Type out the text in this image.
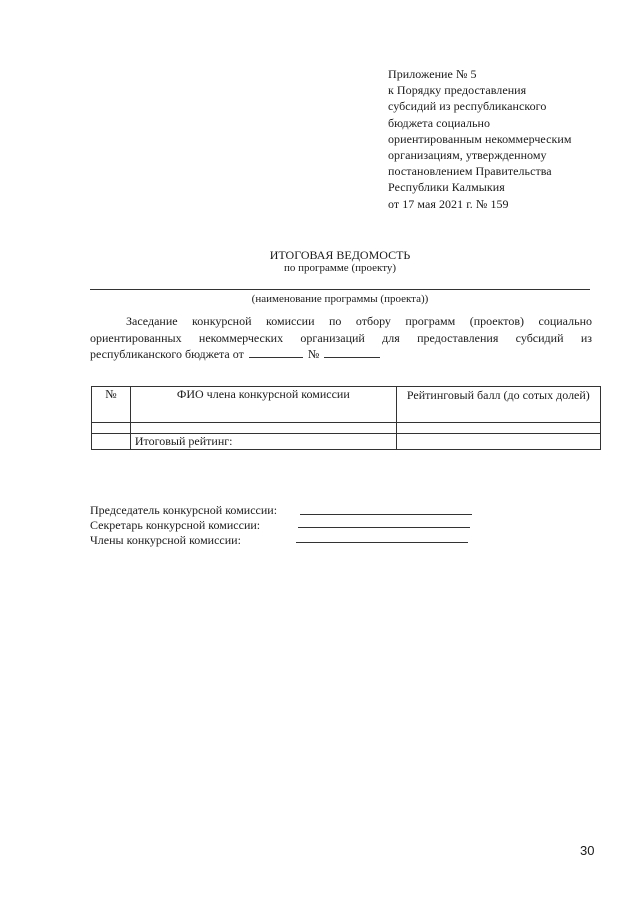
Приложение № 5
к Порядку предоставления
субсидий из республиканского
бюджета социально
ориентированным некоммерческим
организациям, утвержденному
постановлением Правительства
Республики Калмыкия
от 17 мая 2021 г. № 159
ИТОГОВАЯ ВЕДОМОСТЬ
по программе (проекту)
(наименование программы (проекта))
Заседание конкурсной комиссии по отбору программ (проектов) социально ориентированных некоммерческих организаций для предоставления субсидий из республиканского бюджета от	№
№	ФИО члена конкурсной комиссии	Рейтинговый балл (до сотых долей)

	Итоговый рейтинг:	
Председатель конкурсной комиссии:
Секретарь конкурсной комиссии:
Члены конкурсной комиссии:
30
